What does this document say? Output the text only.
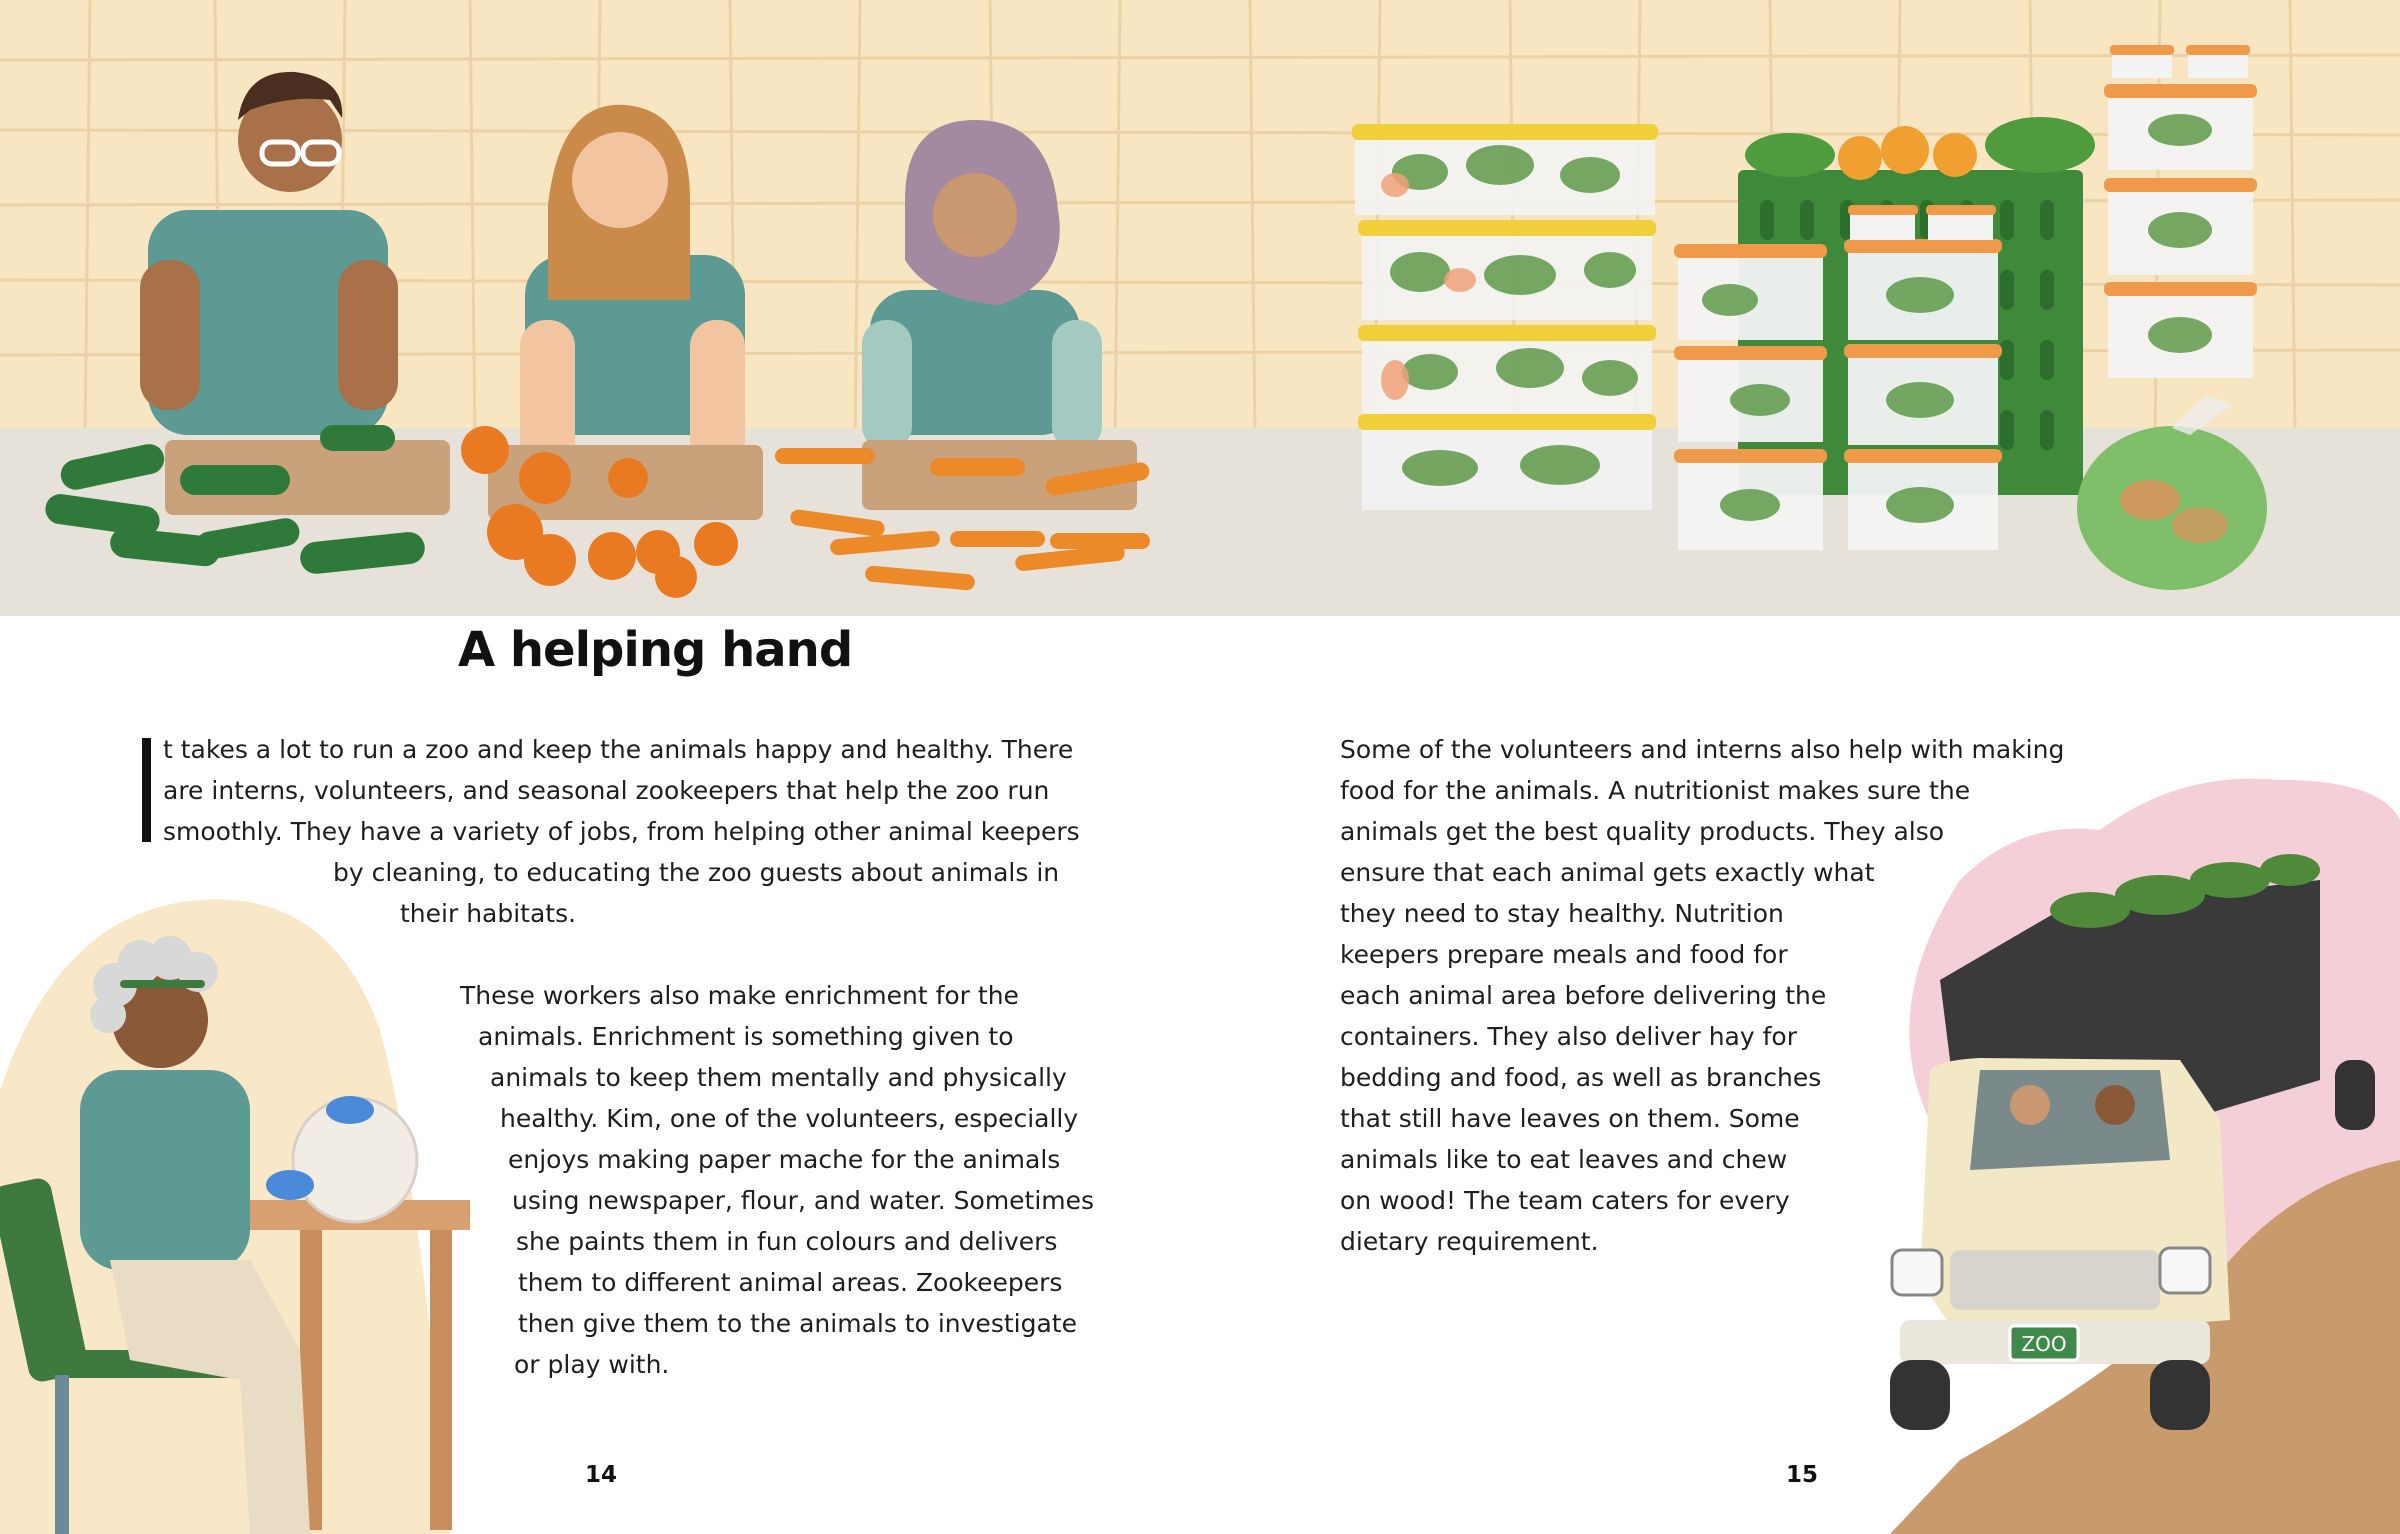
A helping hand
t takes a lot to run a zoo and keep the animals happy and healthy. There
are interns, volunteers, and seasonal zookeepers that help the zoo run
smoothly. They have a variety of jobs, from helping other animal keepers
by cleaning, to educating the zoo guests about animals in
their habitats.
These workers also make enrichment for the
animals. Enrichment is something given to
animals to keep them mentally and physically
healthy. Kim, one of the volunteers, especially
enjoys making paper mache for the animals
using newspaper, flour, and water. Sometimes
she paints them in fun colours and delivers
them to different animal areas. Zookeepers
then give them to the animals to investigate
or play with.
14
Some of the volunteers and interns also help with making
food for the animals. A nutritionist makes sure the
animals get the best quality products. They also
ensure that each animal gets exactly what
they need to stay healthy. Nutrition
keepers prepare meals and food for
each animal area before delivering the
containers. They also deliver hay for
bedding and food, as well as branches
that still have leaves on them. Some
animals like to eat leaves and chew
on wood! The team caters for every
dietary requirement.
15
ZOO
